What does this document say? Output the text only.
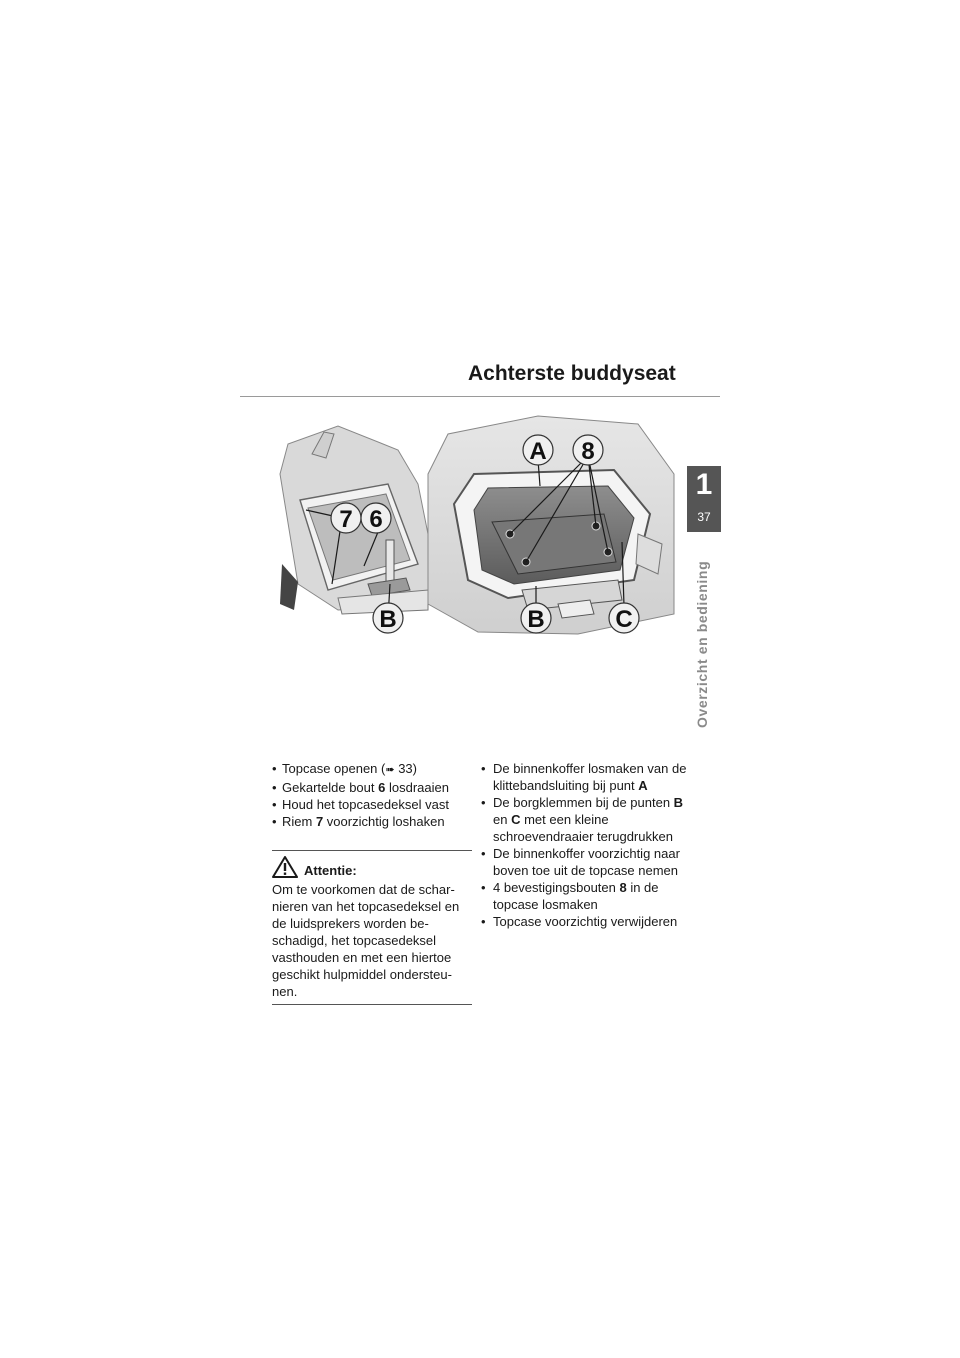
Achterste buddyseat
1
37
Overzicht en bediening
7 6
B
A 8
B	C
• Topcase openen (➠ 33)
• Gekartelde bout 6 losdraaien
• Houd het topcasedeksel vast
• Riem 7 voorzichtig loshaken
Attentie:
Om te voorkomen dat de scharnieren van het topcasedeksel en de luidsprekers worden beschadigd, het topcasedeksel vasthouden en met een hiertoe geschikt hulpmiddel ondersteunen.
• De binnenkoffer losmaken van de klittebandsluiting bij punt A
• De borgklemmen bij de punten B en C met een kleine schroevendraaier terugdrukken
• De binnenkoffer voorzichtig naar boven toe uit de topcase nemen
• 4 bevestigingsbouten 8 in de topcase losmaken
• Topcase voorzichtig verwijderen
